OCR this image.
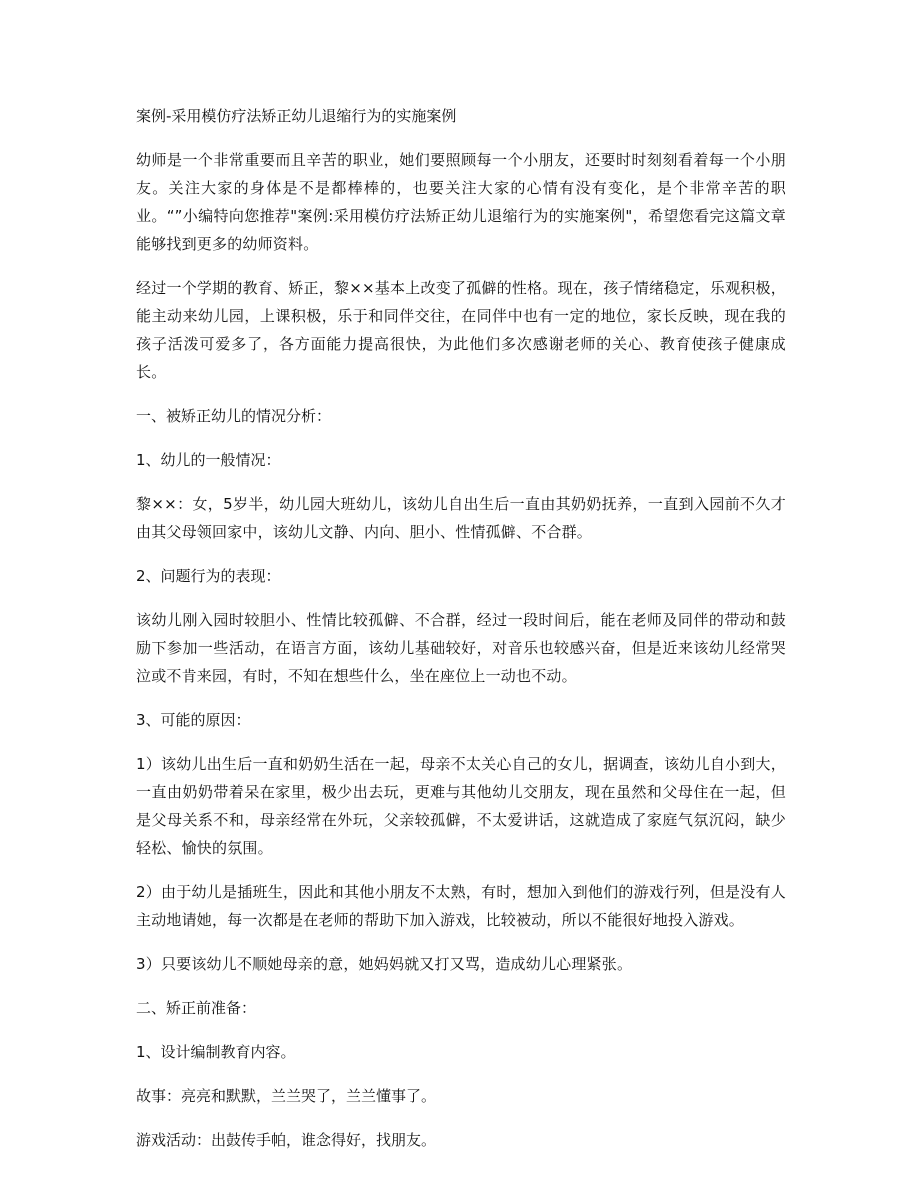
案例-采用模仿疗法矫正幼儿退缩行为的实施案例

幼师是一个非常重要而且辛苦的职业，她们要照顾每一个小朋友，还要时时刻刻看着每一个小朋友。关注大家的身体是不是都棒棒的，也要关注大家的心情有没有变化，是个非常辛苦的职业。“”小编特向您推荐"案例:采用模仿疗法矫正幼儿退缩行为的实施案例"，希望您看完这篇文章能够找到更多的幼师资料。

经过一个学期的教育、矫正，黎××基本上改变了孤僻的性格。现在，孩子情绪稳定，乐观积极，能主动来幼儿园，上课积极，乐于和同伴交往，在同伴中也有一定的地位，家长反映，现在我的孩子活泼可爱多了，各方面能力提高很快，为此他们多次感谢老师的关心、教育使孩子健康成长。

一、被矫正幼儿的情况分析：
1、幼儿的一般情况：

黎××：女，5岁半，幼儿园大班幼儿，该幼儿自出生后一直由其奶奶抚养，一直到入园前不久才由其父母领回家中，该幼儿文静、内向、胆小、性情孤僻、不合群。

2、问题行为的表现：

该幼儿刚入园时较胆小、性情比较孤僻、不合群，经过一段时间后，能在老师及同伴的带动和鼓励下参加一些活动，在语言方面，该幼儿基础较好，对音乐也较感兴奋，但是近来该幼儿经常哭泣或不肯来园，有时，不知在想些什么，坐在座位上一动也不动。

3、可能的原因：

1）该幼儿出生后一直和奶奶生活在一起，母亲不太关心自己的女儿，据调查，该幼儿自小到大，一直由奶奶带着呆在家里，极少出去玩，更难与其他幼儿交朋友，现在虽然和父母住在一起，但是父母关系不和，母亲经常在外玩，父亲较孤僻，不太爱讲话，这就造成了家庭气氛沉闷，缺少轻松、愉快的氛围。

2）由于幼儿是插班生，因此和其他小朋友不太熟，有时，想加入到他们的游戏行列，但是没有人主动地请她，每一次都是在老师的帮助下加入游戏，比较被动，所以不能很好地投入游戏。

3）只要该幼儿不顺她母亲的意，她妈妈就又打又骂，造成幼儿心理紧张。

二、矫正前准备：
1、设计编制教育内容。
故事：亮亮和默默，兰兰哭了，兰兰懂事了。
游戏活动：出鼓传手帕，谁念得好，找朋友。
